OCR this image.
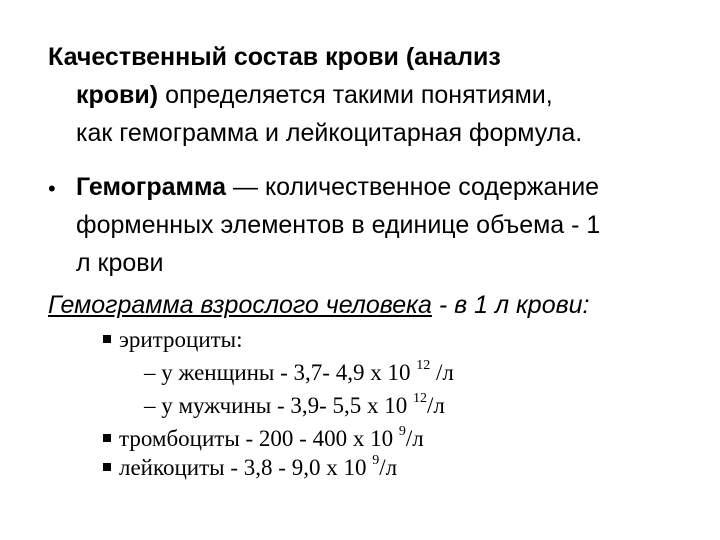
Качественный состав крови (анализ
крови) определяется такими понятиями,
как гемограмма и лейкоцитарная формула.
• Гемограмма — количественное содержание
форменных элементов в единице объема - 1
л крови
Гемограмма взрослого человека - в 1 л крови:
эритроциты:
– у женщины - 3,7- 4,9 х 10 $^{12}$ /л
– у мужчины - 3,9- 5,5 х 10 $^{12}$/л
тромбоциты - 200 - 400 х 10 $^9$/л
лейкоциты - 3,8 - 9,0 х 10 $^9$/л
